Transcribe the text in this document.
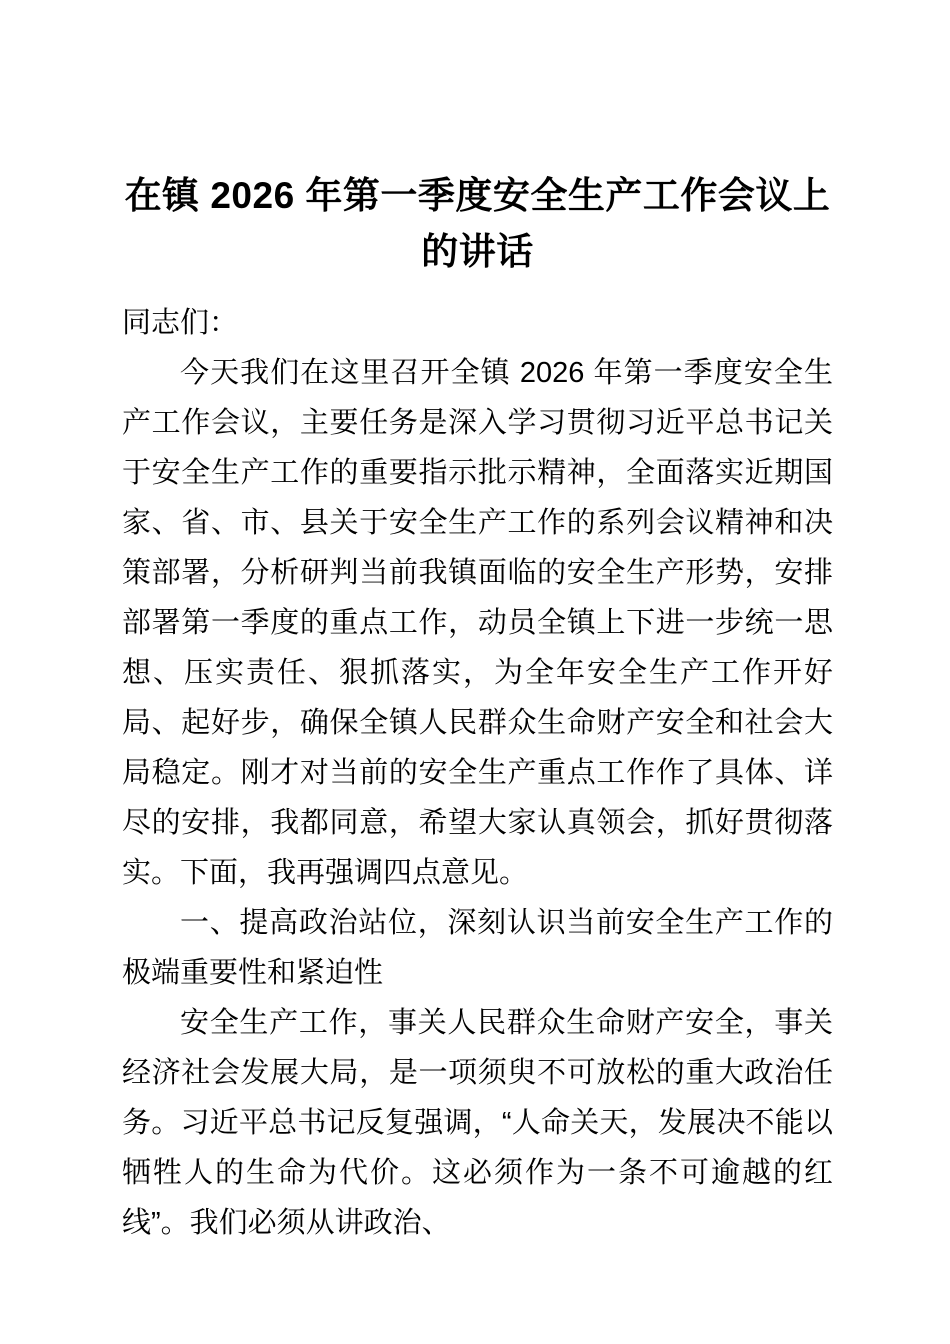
在镇 2026 年第一季度安全生产工作会议上的讲话

同志们：

今天我们在这里召开全镇 2026 年第一季度安全生产工作会议，主要任务是深入学习贯彻习近平总书记关于安全生产工作的重要指示批示精神，全面落实近期国家、省、市、县关于安全生产工作的系列会议精神和决策部署，分析研判当前我镇面临的安全生产形势，安排部署第一季度的重点工作，动员全镇上下进一步统一思想、压实责任、狠抓落实，为全年安全生产工作开好局、起好步，确保全镇人民群众生命财产安全和社会大局稳定。刚才对当前的安全生产重点工作作了具体、详尽的安排，我都同意，希望大家认真领会，抓好贯彻落实。下面，我再强调四点意见。

一、提高政治站位，深刻认识当前安全生产工作的极端重要性和紧迫性

安全生产工作，事关人民群众生命财产安全，事关经济社会发展大局，是一项须臾不可放松的重大政治任务。习近平总书记反复强调，“人命关天，发展决不能以牺牲人的生命为代价。这必须作为一条不可逾越的红线”。我们必须从讲政治、
